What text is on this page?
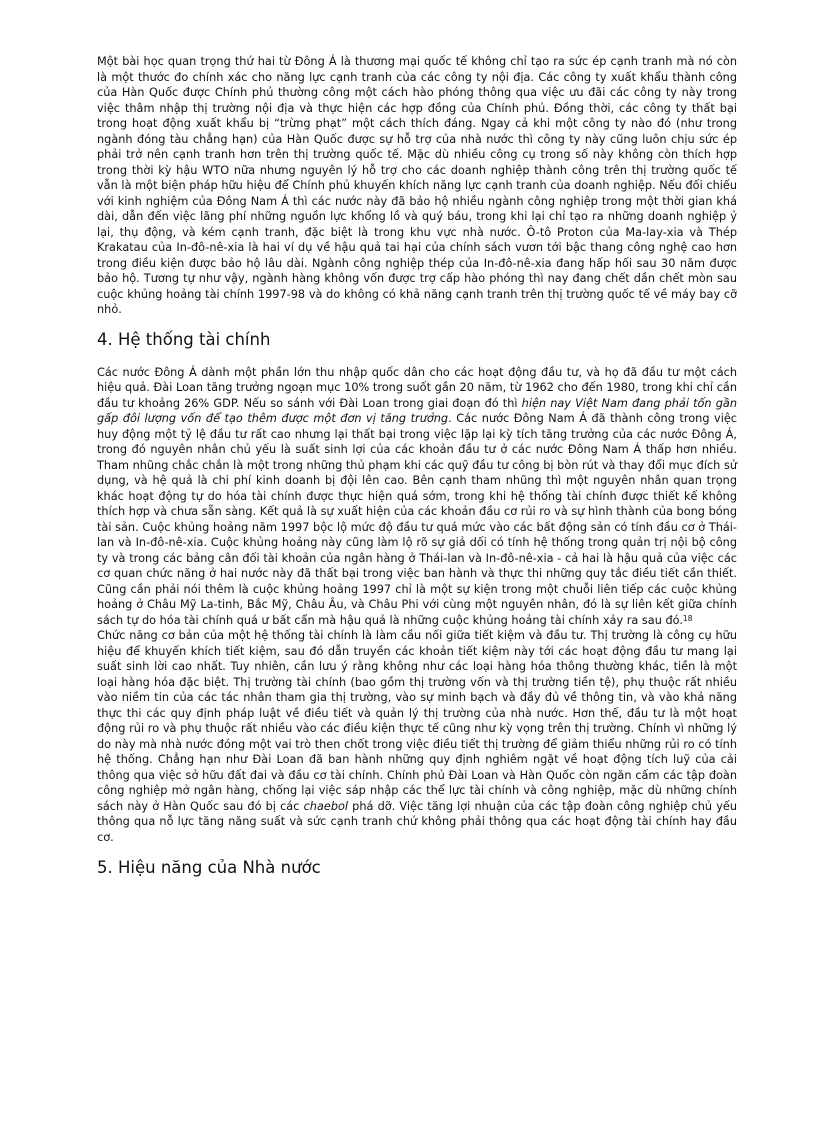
Một bài học quan trọng thứ hai từ Đông Á là thương mại quốc tế không chỉ tạo ra sức ép cạnh tranh mà nó còn là một thước đo chính xác cho năng lực cạnh tranh của các công ty nội địa. Các công ty xuất khẩu thành công của Hàn Quốc được Chính phủ thường công một cách hào phóng thông qua việc ưu đãi các công ty này trong việc thâm nhập thị trường nội địa và thực hiện các hợp đồng của Chính phủ. Đồng thời, các công ty thất bại trong hoạt động xuất khẩu bị “trừng phạt” một cách thích đáng. Ngay cả khi một công ty nào đó (như trong ngành đóng tàu chẳng hạn) của Hàn Quốc được sự hỗ trợ của nhà nước thì công ty này cũng luôn chịu sức ép phải trở nên cạnh tranh hơn trên thị trường quốc tế. Mặc dù nhiều công cụ trong số này không còn thích hợp trong thời kỳ hậu WTO nữa nhưng nguyên lý hỗ trợ cho các doanh nghiệp thành công trên thị trường quốc tế vẫn là một biện pháp hữu hiệu để Chính phủ khuyến khích năng lực cạnh tranh của doanh nghiệp. Nếu đối chiếu với kinh nghiệm của Đông Nam Á thì các nước này đã bảo hộ nhiều ngành công nghiệp trong một thời gian khá dài, dẫn đến việc lãng phí những nguồn lực khổng lồ và quý báu, trong khi lại chỉ tạo ra những doanh nghiệp ỷ lại, thụ động, và kém cạnh tranh, đặc biệt là trong khu vực nhà nước. Ô-tô Proton của Ma-lay-xia và Thép Krakatau của In-đô-nê-xia là hai ví dụ về hậu quả tai hại của chính sách vươn tới bậc thang công nghệ cao hơn trong điều kiện được bảo hộ lâu dài. Ngành công nghiệp thép của In-đô-nê-xia đang hấp hối sau 30 năm được bảo hộ. Tương tự như vậy, ngành hàng không vốn được trợ cấp hào phóng thì nay đang chết dần chết mòn sau cuộc khủng hoảng tài chính 1997-98 và do không có khả năng cạnh tranh trên thị trường quốc tế về máy bay cỡ nhỏ.

4. Hệ thống tài chính

Các nước Đông Á dành một phần lớn thu nhập quốc dân cho các hoạt động đầu tư, và họ đã đầu tư một cách hiệu quả. Đài Loan tăng trưởng ngoạn mục 10% trong suốt gần 20 năm, từ 1962 cho đến 1980, trong khi chỉ cần đầu tư khoảng 26% GDP. Nếu so sánh với Đài Loan trong giai đoạn đó thì hiện nay Việt Nam đang phải tốn gần gấp đôi lượng vốn để tạo thêm được một đơn vị tăng trưởng. Các nước Đông Nam Á đã thành công trong việc huy động một tỷ lệ đầu tư rất cao nhưng lại thất bại trong việc lặp lại kỳ tích tăng trưởng của các nước Đông Á, trong đó nguyên nhân chủ yếu là suất sinh lợi của các khoản đầu tư ở các nước Đông Nam Á thấp hơn nhiều. Tham nhũng chắc chắn là một trong những thủ phạm khi các quỹ đầu tư công bị bòn rút và thay đổi mục đích sử dụng, và hệ quả là chi phí kinh doanh bị đội lên cao. Bên cạnh tham nhũng thì một nguyên nhân quan trọng khác hoạt động tự do hóa tài chính được thực hiện quá sớm, trong khi hệ thống tài chính được thiết kế không thích hợp và chưa sẵn sàng. Kết quả là sự xuất hiện của các khoản đầu cơ rủi ro và sự hình thành của bong bóng tài sản. Cuộc khủng hoảng năm 1997 bộc lộ mức độ đầu tư quá mức vào các bất động sản có tính đầu cơ ở Thái-lan và In-đô-nê-xia. Cuộc khủng hoảng này cũng làm lộ rõ sự giả dối có tính hệ thống trong quản trị nội bộ công ty và trong các bảng cân đối tài khoản của ngân hàng ở Thái-lan và In-đô-nê-xia - cả hai là hậu quả của việc các cơ quan chức năng ở hai nước này đã thất bại trong việc ban hành và thực thi những quy tắc điều tiết cần thiết. Cũng cần phải nói thêm là cuộc khủng hoảng 1997 chỉ là một sự kiện trong một chuỗi liên tiếp các cuộc khủng hoảng ở Châu Mỹ La-tinh, Bắc Mỹ, Châu Âu, và Châu Phi với cùng một nguyên nhân, đó là sự liên kết giữa chính sách tự do hóa tài chính quá ư bất cẩn mà hậu quả là những cuộc khủng hoảng tài chính xảy ra sau đó.$^{18}$

Chức năng cơ bản của một hệ thống tài chính là làm cầu nối giữa tiết kiệm và đầu tư. Thị trường là công cụ hữu hiệu để khuyến khích tiết kiệm, sau đó dẫn truyền các khoản tiết kiệm này tới các hoạt động đầu tư mang lại suất sinh lời cao nhất. Tuy nhiên, cần lưu ý rằng không như các loại hàng hóa thông thường khác, tiền là một loại hàng hóa đặc biệt. Thị trường tài chính (bao gồm thị trường vốn và thị trường tiền tệ), phụ thuộc rất nhiều vào niềm tin của các tác nhân tham gia thị trường, vào sự minh bạch và đầy đủ về thông tin, và vào khả năng thực thi các quy định pháp luật về điều tiết và quản lý thị trường của nhà nước. Hơn thế, đầu tư là một hoạt động rủi ro và phụ thuộc rất nhiều vào các điều kiện thực tế cũng như kỳ vọng trên thị trường. Chính vì những lý do này mà nhà nước đóng một vai trò then chốt trong việc điều tiết thị trường để giảm thiểu những rủi ro có tính hệ thống. Chẳng hạn như Đài Loan đã ban hành những quy định nghiêm ngặt về hoạt động tích luỹ của cải thông qua việc sở hữu đất đai và đầu cơ tài chính. Chính phủ Đài Loan và Hàn Quốc còn ngăn cấm các tập đoàn công nghiệp mở ngân hàng, chống lại việc sáp nhập các thể lực tài chính và công nghiệp, mặc dù những chính sách này ở Hàn Quốc sau đó bị các chaebol phá dỡ. Việc tăng lợi nhuận của các tập đoàn công nghiệp chủ yếu thông qua nỗ lực tăng năng suất và sức cạnh tranh chứ không phải thông qua các hoạt động tài chính hay đầu cơ.

5. Hiệu năng của Nhà nước
